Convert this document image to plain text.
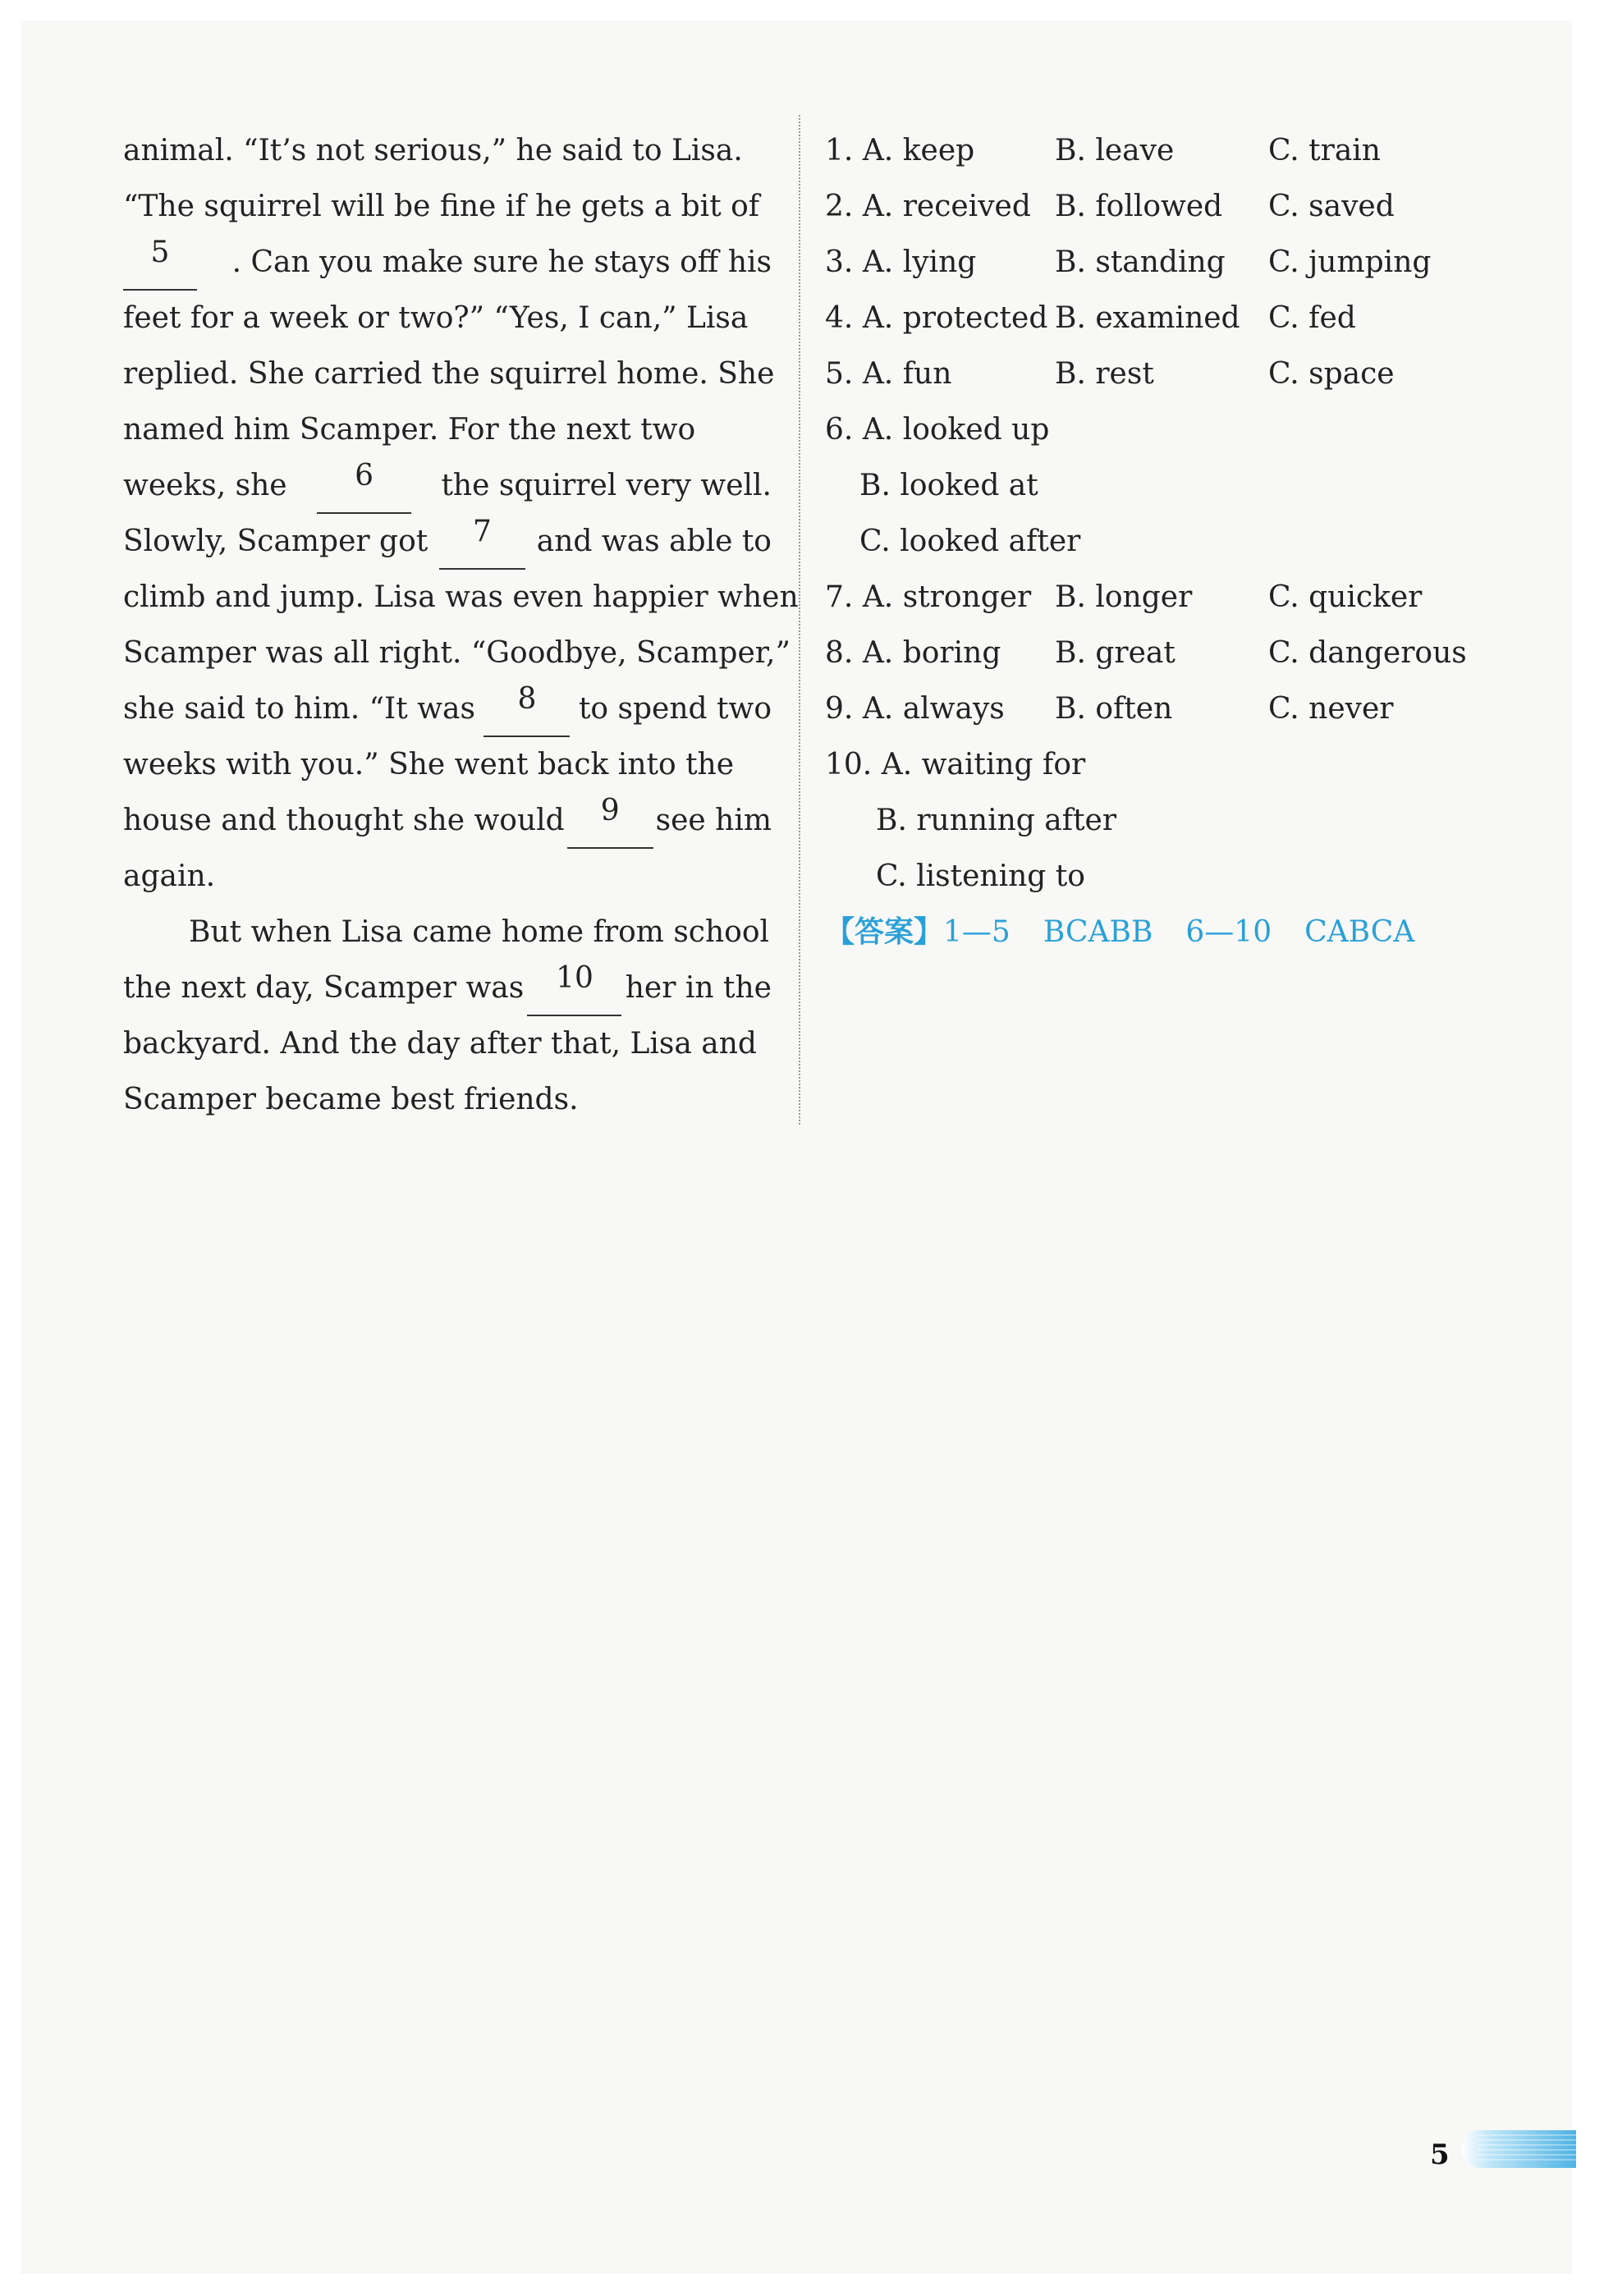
animal. “It’s not serious,” he said to Lisa.
“The squirrel will be fine if he gets a bit of
5	. Can you make sure he stays off his
feet for a week or two?” “Yes, I can,” Lisa
replied. She carried the squirrel home. She
named him Scamper. For the next two
weeks, she	6	the squirrel very well.
Slowly, Scamper got	7	and was able to
climb and jump. Lisa was even happier when
Scamper was all right. “Goodbye, Scamper,”
she said to him. “It was	8	to spend two
weeks with you.” She went back into the
house and thought she would	9	see him
again.
But when Lisa came home from school
the next day, Scamper was	10	her in the
backyard. And the day after that, Lisa and
Scamper became best friends.
1. A. keep	B. leave	C. train
2. A. received B. followed	C. saved
3. A. lying	B. standing	C. jumping
4. A. protected B. examined C. fed
5. A. fun	B. rest	C. space
6. A. looked up
B. looked at
C. looked after
7. A. stronger B. longer	C. quicker
8. A. boring	B. great	C. dangerous
9. A. always	B. often	C. never
10. A. waiting for
B. running after
C. listening to
【答案】1—5 BCABB 6—10 CABCA
5
